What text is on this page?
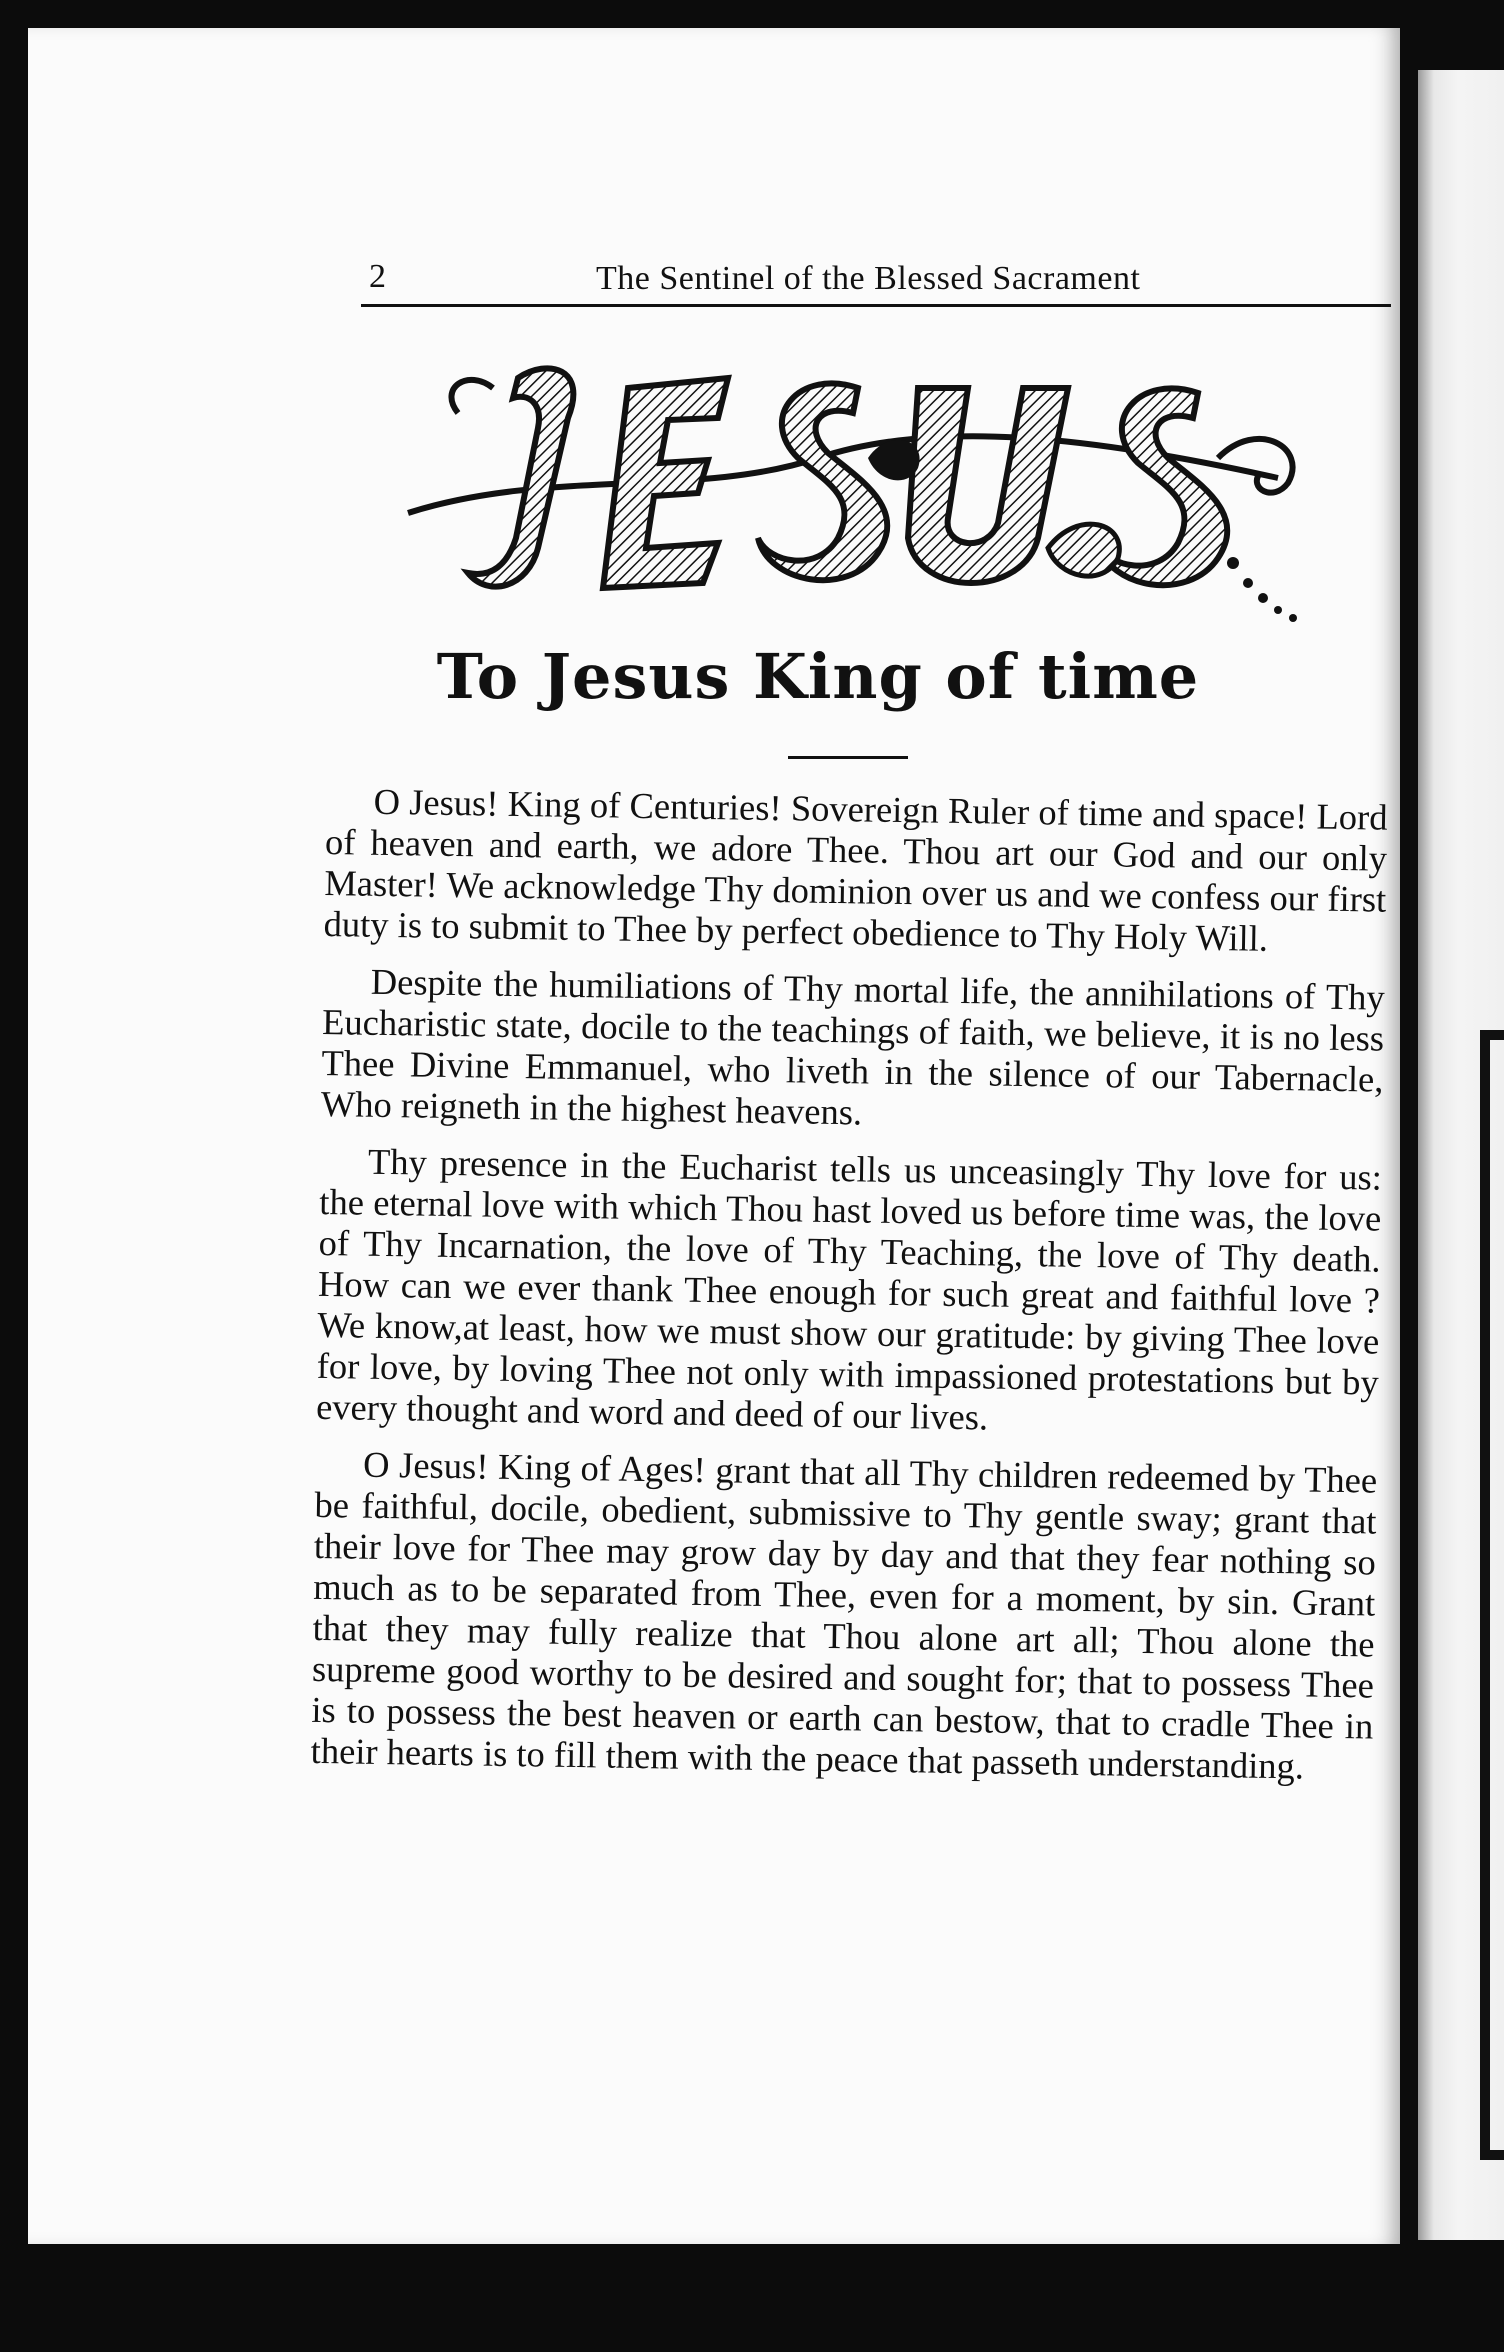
2	The Sentinel of the Blessed Sacrament
To Jesus King of time

O Jesus! King of Centuries! Sovereign Ruler of time and space! Lord of heaven and earth, we adore Thee. Thou art our God and our only Master! We acknowledge Thy dominion over us and we confess our first duty is to submit to Thee by perfect obedience to Thy Holy Will.

Despite the humiliations of Thy mortal life, the annihilations of Thy Eucharistic state, docile to the teachings of faith, we believe, it is no less Thee Divine Emmanuel, who liveth in the silence of our Tabernacle, Who reigneth in the highest heavens.

Thy presence in the Eucharist tells us unceasingly Thy love for us: the eternal love with which Thou hast loved us before time was, the love of Thy Incarnation, the love of Thy Teaching, the love of Thy death. How can we ever thank Thee enough for such great and faithful love ? We know,at least, how we must show our gratitude: by giving Thee love for love, by loving Thee not only with impassioned protestations but by every thought and word and deed of our lives.

O Jesus! King of Ages! grant that all Thy children redeemed by Thee be faithful, docile, obedient, submissive to Thy gentle sway; grant that their love for Thee may grow day by day and that they fear nothing so much as to be separated from Thee, even for a moment, by sin. Grant that they may fully realize that Thou alone art all; Thou alone the supreme good worthy to be desired and sought for; that to possess Thee is to possess the best heaven or earth can bestow, that to cradle Thee in their hearts is to fill them with the peace that passeth understanding.
